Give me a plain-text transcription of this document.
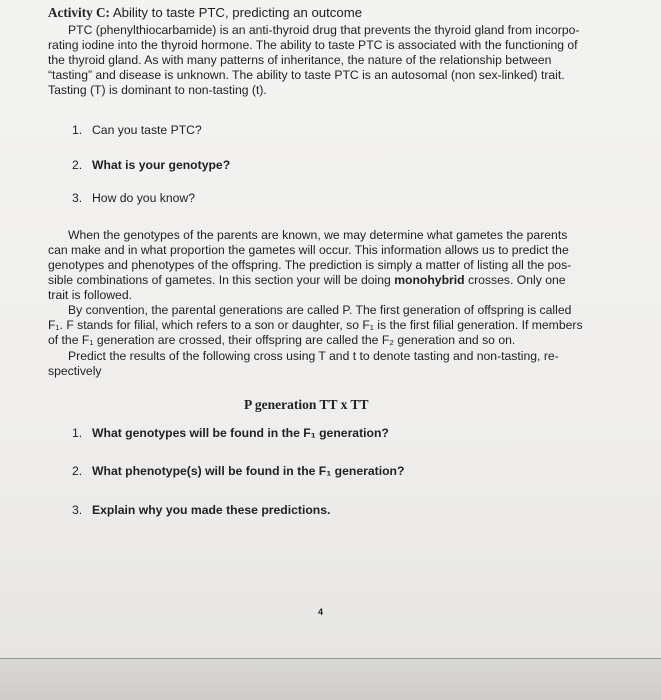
Activity C: Ability to taste PTC, predicting an outcome
PTC (phenylthiocarbamide) is an anti-thyroid drug that prevents the thyroid gland from incorpo-
rating iodine into the thyroid hormone. The ability to taste PTC is associated with the functioning of
the thyroid gland. As with many patterns of inheritance, the nature of the relationship between
“tasting” and disease is unknown. The ability to taste PTC is an autosomal (non sex-linked) trait.
Tasting (T) is dominant to non-tasting (t).
1. Can you taste PTC?
2. What is your genotype?
3. How do you know?
When the genotypes of the parents are known, we may determine what gametes the parents
can make and in what proportion the gametes will occur. This information allows us to predict the
genotypes and phenotypes of the offspring. The prediction is simply a matter of listing all the pos-
sible combinations of gametes. In this section your will be doing monohybrid crosses. Only one
trait is followed.
By convention, the parental generations are called P. The first generation of offspring is called
F₁. F stands for filial, which refers to a son or daughter, so F₁ is the first filial generation. If members
of the F₁ generation are crossed, their offspring are called the F₂ generation and so on.
Predict the results of the following cross using T and t to denote tasting and non-tasting, re-
spectively
P generation TT x TT
1. What genotypes will be found in the F₁ generation?
2. What phenotype(s) will be found in the F₁ generation?
3. Explain why you made these predictions.
4
